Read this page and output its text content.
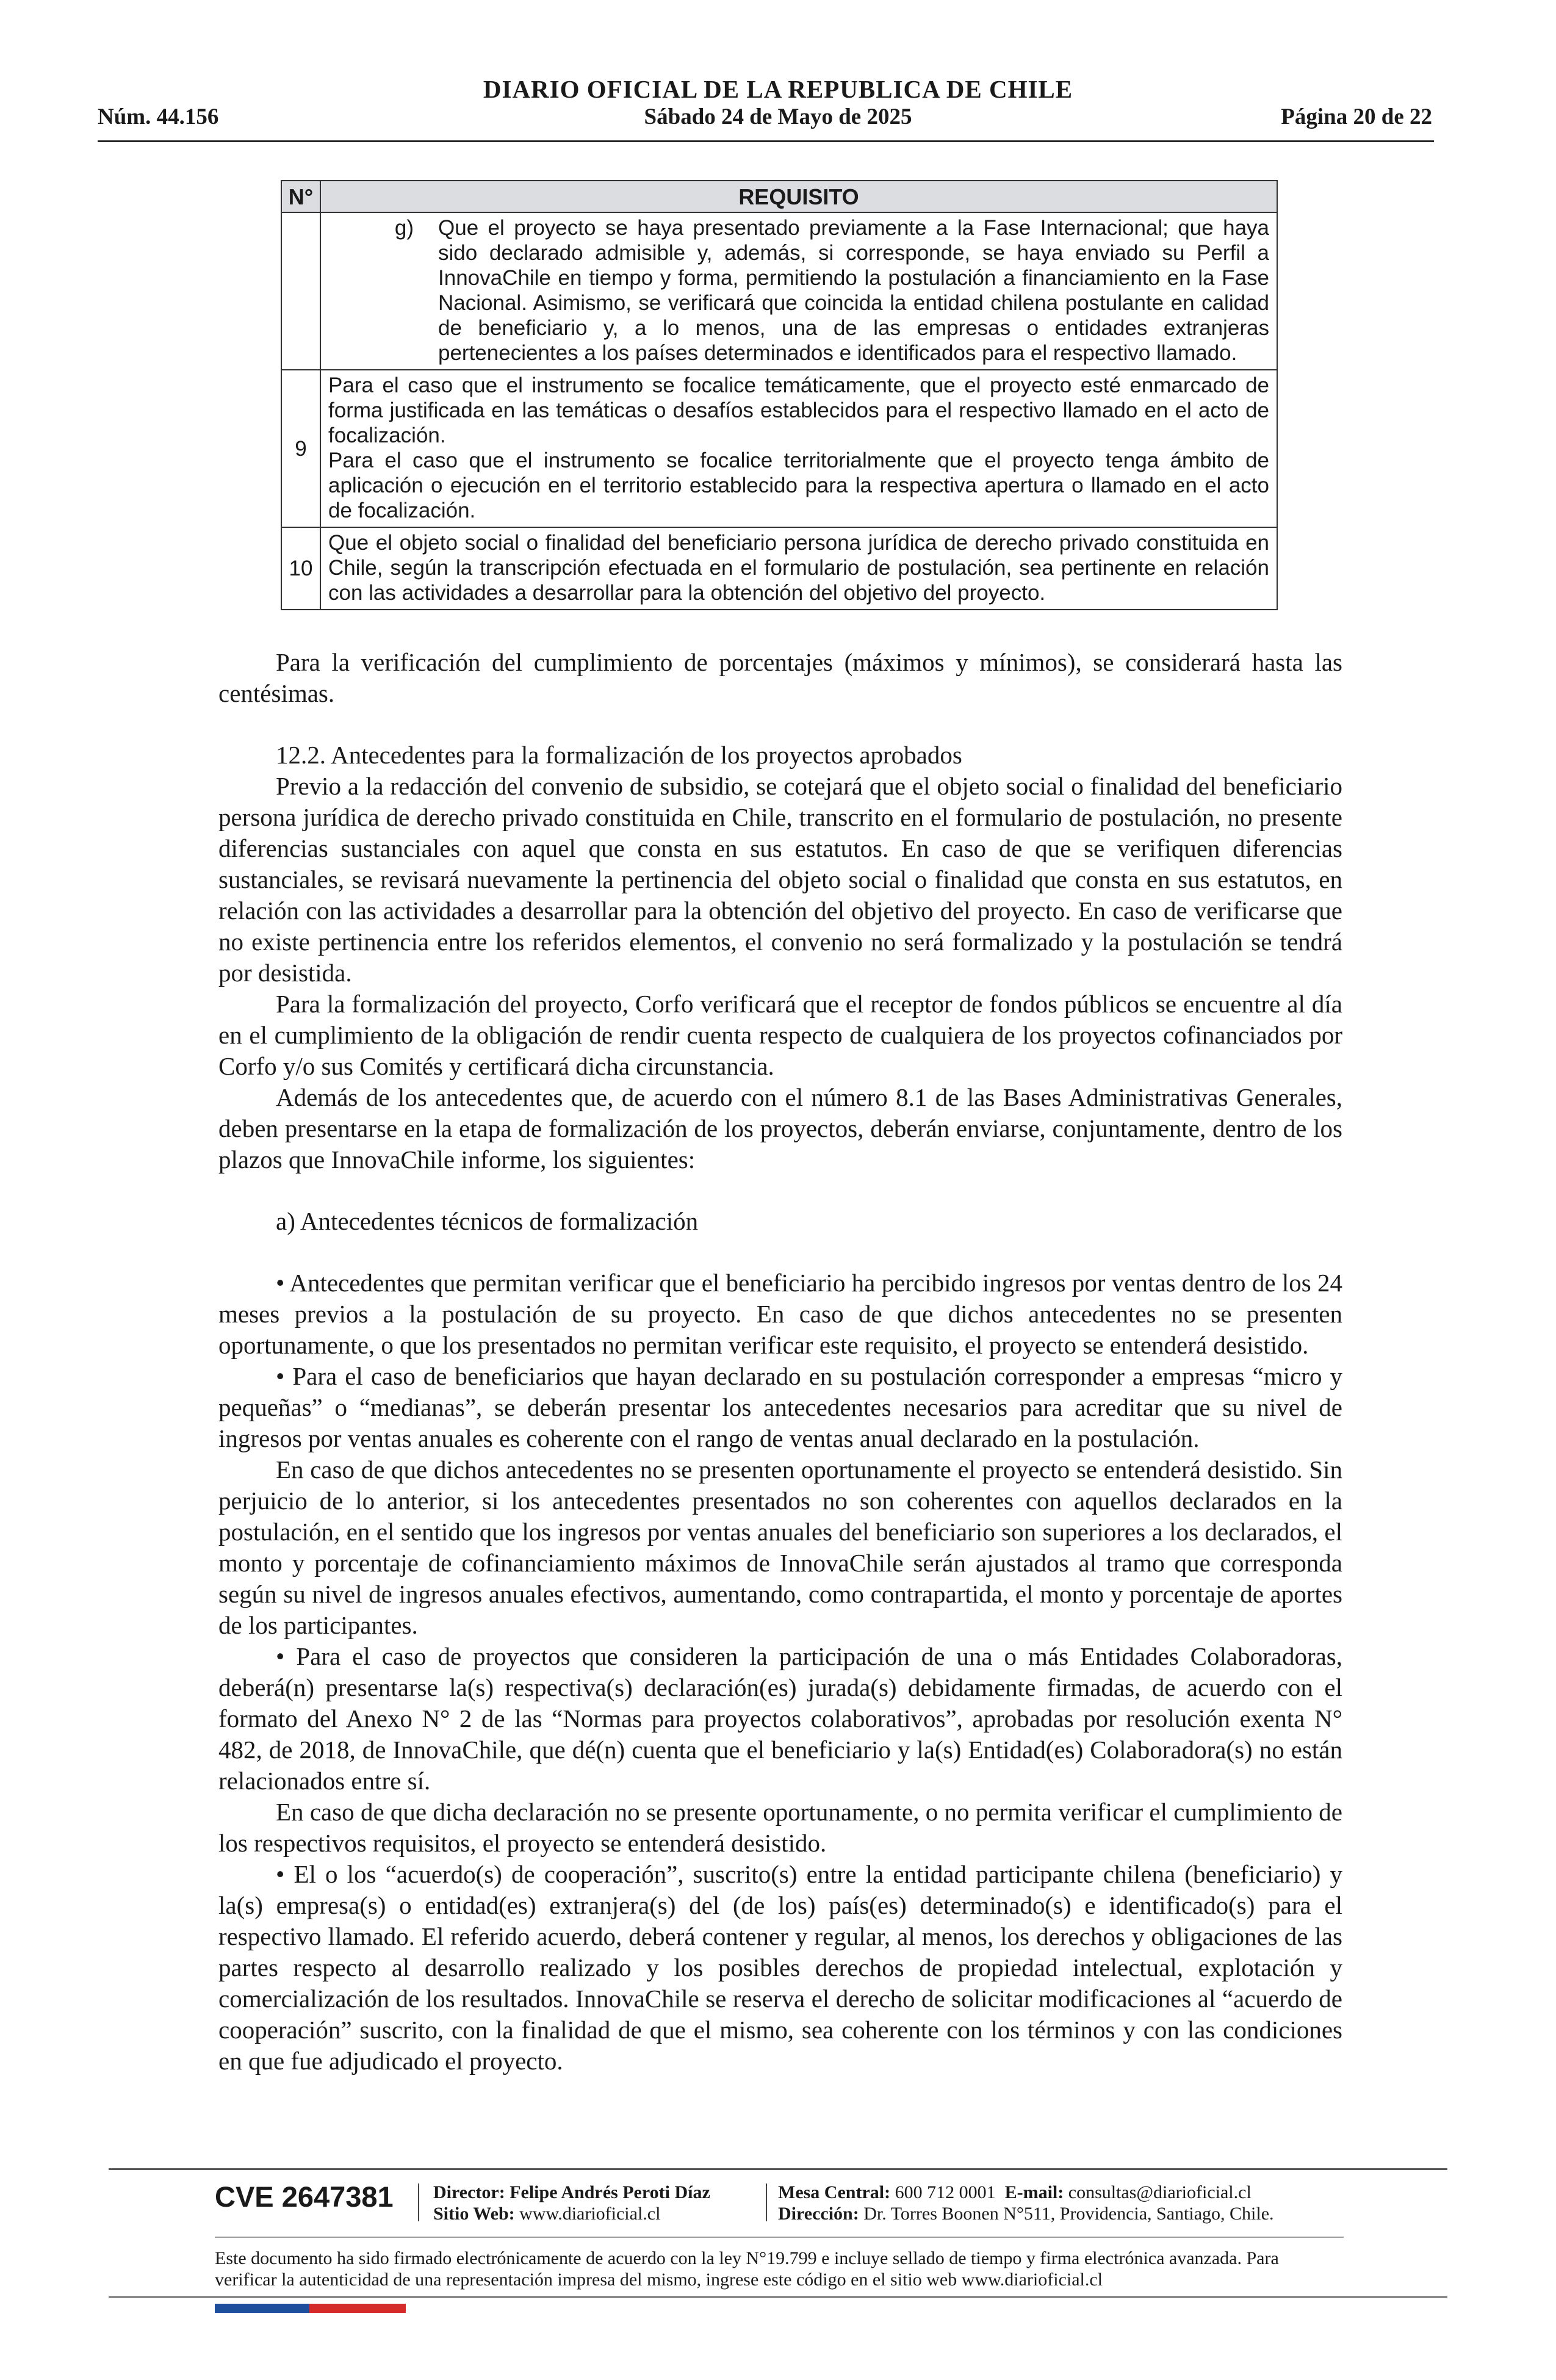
DIARIO OFICIAL DE LA REPUBLICA DE CHILE
Núm. 44.156	Sábado 24 de Mayo de 2025	Página 20 de 22
N°	REQUISITO

	g) Que el proyecto se haya presentado previamente a la Fase Internacional; que haya sido declarado admisible y, además, si corresponde, se haya enviado su Perfil a InnovaChile en tiempo y forma, permitiendo la postulación a financiamiento en la Fase Nacional. Asimismo, se verificará que coincida la entidad chilena postulante en calidad de beneficiario y, a lo menos, una de las empresas o entidades extranjeras pertenecientes a los países determinados e identificados para el respectivo llamado.

9	Para el caso que el instrumento se focalice temáticamente, que el proyecto esté enmarcado de forma justificada en las temáticas o desafíos establecidos para el respectivo llamado en el acto de focalización.
Para el caso que el instrumento se focalice territorialmente que el proyecto tenga ámbito de aplicación o ejecución en el territorio establecido para la respectiva apertura o llamado en el acto de focalización.

10	Que el objeto social o finalidad del beneficiario persona jurídica de derecho privado constituida en Chile, según la transcripción efectuada en el formulario de postulación, sea pertinente en relación con las actividades a desarrollar para la obtención del objetivo del proyecto.

Para la verificación del cumplimiento de porcentajes (máximos y mínimos), se considerará hasta las centésimas.

12.2. Antecedentes para la formalización de los proyectos aprobados

Previo a la redacción del convenio de subsidio, se cotejará que el objeto social o finalidad del beneficiario persona jurídica de derecho privado constituida en Chile, transcrito en el formulario de postulación, no presente diferencias sustanciales con aquel que consta en sus estatutos. En caso de que se verifiquen diferencias sustanciales, se revisará nuevamente la pertinencia del objeto social o finalidad que consta en sus estatutos, en relación con las actividades a desarrollar para la obtención del objetivo del proyecto. En caso de verificarse que no existe pertinencia entre los referidos elementos, el convenio no será formalizado y la postulación se tendrá por desistida.

Para la formalización del proyecto, Corfo verificará que el receptor de fondos públicos se encuentre al día en el cumplimiento de la obligación de rendir cuenta respecto de cualquiera de los proyectos cofinanciados por Corfo y/o sus Comités y certificará dicha circunstancia.

Además de los antecedentes que, de acuerdo con el número 8.1 de las Bases Administrativas Generales, deben presentarse en la etapa de formalización de los proyectos, deberán enviarse, conjuntamente, dentro de los plazos que InnovaChile informe, los siguientes:

a) Antecedentes técnicos de formalización

• Antecedentes que permitan verificar que el beneficiario ha percibido ingresos por ventas dentro de los 24 meses previos a la postulación de su proyecto. En caso de que dichos antecedentes no se presenten oportunamente, o que los presentados no permitan verificar este requisito, el proyecto se entenderá desistido.

• Para el caso de beneficiarios que hayan declarado en su postulación corresponder a empresas “micro y pequeñas” o “medianas”, se deberán presentar los antecedentes necesarios para acreditar que su nivel de ingresos por ventas anuales es coherente con el rango de ventas anual declarado en la postulación.

En caso de que dichos antecedentes no se presenten oportunamente el proyecto se entenderá desistido. Sin perjuicio de lo anterior, si los antecedentes presentados no son coherentes con aquellos declarados en la postulación, en el sentido que los ingresos por ventas anuales del beneficiario son superiores a los declarados, el monto y porcentaje de cofinanciamiento máximos de InnovaChile serán ajustados al tramo que corresponda según su nivel de ingresos anuales efectivos, aumentando, como contrapartida, el monto y porcentaje de aportes de los participantes.

• Para el caso de proyectos que consideren la participación de una o más Entidades Colaboradoras, deberá(n) presentarse la(s) respectiva(s) declaración(es) jurada(s) debidamente firmadas, de acuerdo con el formato del Anexo N° 2 de las “Normas para proyectos colaborativos”, aprobadas por resolución exenta N° 482, de 2018, de InnovaChile, que dé(n) cuenta que el beneficiario y la(s) Entidad(es) Colaboradora(s) no están relacionados entre sí.

En caso de que dicha declaración no se presente oportunamente, o no permita verificar el cumplimiento de los respectivos requisitos, el proyecto se entenderá desistido.

• El o los “acuerdo(s) de cooperación”, suscrito(s) entre la entidad participante chilena (beneficiario) y la(s) empresa(s) o entidad(es) extranjera(s) del (de los) país(es) determinado(s) e identificado(s) para el respectivo llamado. El referido acuerdo, deberá contener y regular, al menos, los derechos y obligaciones de las partes respecto al desarrollo realizado y los posibles derechos de propiedad intelectual, explotación y comercialización de los resultados. InnovaChile se reserva el derecho de solicitar modificaciones al “acuerdo de cooperación” suscrito, con la finalidad de que el mismo, sea coherente con los términos y con las condiciones en que fue adjudicado el proyecto.

CVE 2647381 Director: Felipe Andrés Peroti Díaz
Sitio Web: www.diarioficial.cl
Mesa Central: 600 712 0001 E-mail: consultas@diarioficial.cl
Dirección: Dr. Torres Boonen N°511, Providencia, Santiago, Chile.
Este documento ha sido firmado electrónicamente de acuerdo con la ley N°19.799 e incluye sellado de tiempo y firma electrónica avanzada. Para verificar la autenticidad de una representación impresa del mismo, ingrese este código en el sitio web www.diarioficial.cl
